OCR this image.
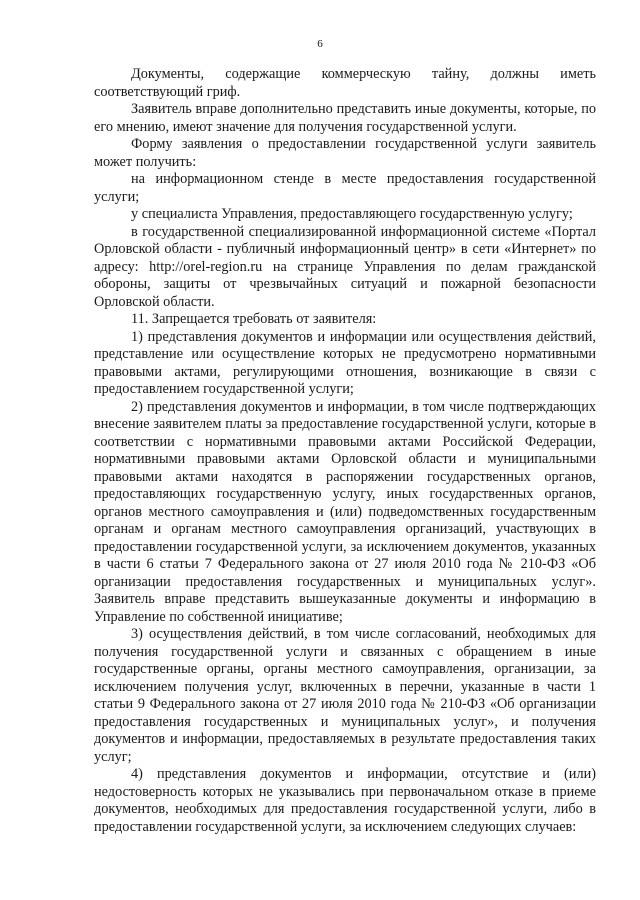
6

Документы, содержащие коммерческую тайну, должны иметь соответствующий гриф.

Заявитель вправе дополнительно представить иные документы, которые, по его мнению, имеют значение для получения государственной услуги.

Форму заявления о предоставлении государственной услуги заявитель может получить:

на информационном стенде в месте предоставления государственной услуги;

у специалиста Управления, предоставляющего государственную услугу;

в государственной специализированной информационной системе «Портал Орловской области - публичный информационный центр» в сети «Интернет» по адресу: http://orel-region.ru на странице Управления по делам гражданской обороны, защиты от чрезвычайных ситуаций и пожарной безопасности Орловской области.

11. Запрещается требовать от заявителя:

1) представления документов и информации или осуществления действий, представление или осуществление которых не предусмотрено нормативными правовыми актами, регулирующими отношения, возникающие в связи с предоставлением государственной услуги;

2) представления документов и информации, в том числе подтверждающих внесение заявителем платы за предоставление государственной услуги, которые в соответствии с нормативными правовыми актами Российской Федерации, нормативными правовыми актами Орловской области и муниципальными правовыми актами находятся в распоряжении государственных органов, предоставляющих государственную услугу, иных государственных органов, органов местного самоуправления и (или) подведомственных государственным органам и органам местного самоуправления организаций, участвующих в предоставлении государственной услуги, за исключением документов, указанных в части 6 статьи 7 Федерального закона от 27 июля 2010 года № 210-ФЗ «Об организации предоставления государственных и муниципальных услуг». Заявитель вправе представить вышеуказанные документы и информацию в Управление по собственной инициативе;

3) осуществления действий, в том числе согласований, необходимых для получения государственной услуги и связанных с обращением в иные государственные органы, органы местного самоуправления, организации, за исключением получения услуг, включенных в перечни, указанные в части 1 статьи 9 Федерального закона от 27 июля 2010 года № 210-ФЗ «Об организации предоставления государственных и муниципальных услуг», и получения документов и информации, предоставляемых в результате предоставления таких услуг;

4) представления документов и информации, отсутствие и (или) недостоверность которых не указывались при первоначальном отказе в приеме документов, необходимых для предоставления государственной услуги, либо в предоставлении государственной услуги, за исключением следующих случаев:
